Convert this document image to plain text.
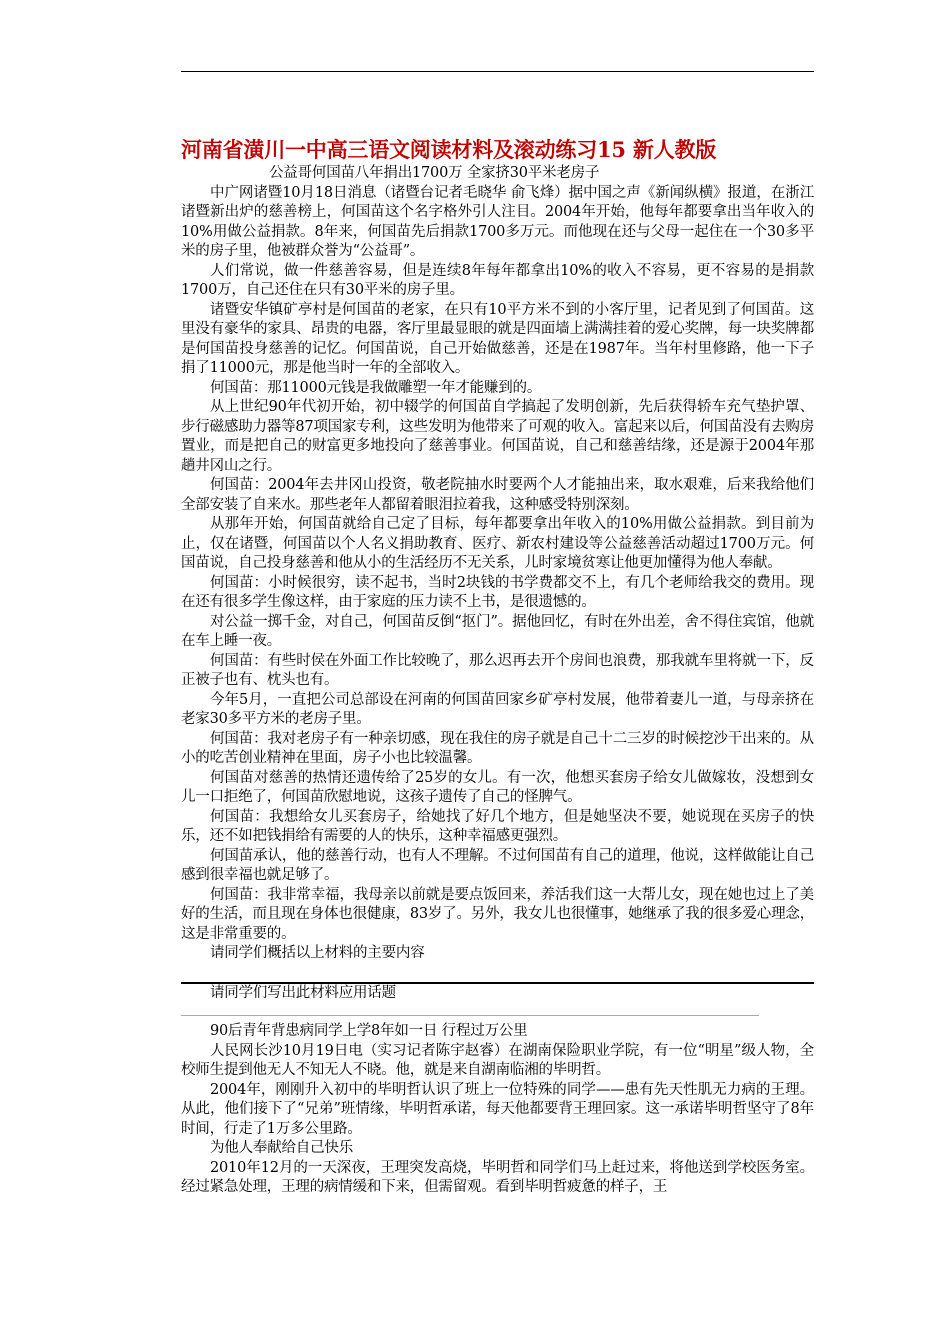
河南省潢川一中高三语文阅读材料及滚动练习15 新人教版

公益哥何国苗八年捐出1700万 全家挤30平米老房子

中广网诸暨10月18日消息（诸暨台记者毛晓华 俞飞烽）据中国之声《新闻纵横》报道，在浙江诸暨新出炉的慈善榜上，何国苗这个名字格外引人注目。2004年开始，他每年都要拿出当年收入的10%用做公益捐款。8年来，何国苗先后捐款1700多万元。而他现在还与父母一起住在一个30多平米的房子里，他被群众誉为“公益哥”。

人们常说，做一件慈善容易，但是连续8年每年都拿出10%的收入不容易，更不容易的是捐款1700万，自己还住在只有30平米的房子里。

诸暨安华镇矿亭村是何国苗的老家，在只有10平方米不到的小客厅里，记者见到了何国苗。这里没有豪华的家具、昂贵的电器，客厅里最显眼的就是四面墙上满满挂着的爱心奖牌，每一块奖牌都是何国苗投身慈善的记忆。何国苗说，自己开始做慈善，还是在1987年。当年村里修路，他一下子捐了11000元，那是他当时一年的全部收入。

何国苗：那11000元钱是我做雕塑一年才能赚到的。

从上世纪90年代初开始，初中辍学的何国苗自学搞起了发明创新，先后获得轿车充气垫护罩、步行磁感助力器等87项国家专利，这些发明为他带来了可观的收入。富起来以后，何国苗没有去购房置业，而是把自己的财富更多地投向了慈善事业。何国苗说，自己和慈善结缘，还是源于2004年那趟井冈山之行。

何国苗：2004年去井冈山投资，敬老院抽水时要两个人才能抽出来，取水艰难，后来我给他们全部安装了自来水。那些老年人都留着眼泪拉着我，这种感受特别深刻。

从那年开始，何国苗就给自己定了目标，每年都要拿出年收入的10%用做公益捐款。到目前为止，仅在诸暨，何国苗以个人名义捐助教育、医疗、新农村建设等公益慈善活动超过1700万元。何国苗说，自己投身慈善和他从小的生活经历不无关系，儿时家境贫寒让他更加懂得为他人奉献。

何国苗：小时候很穷，读不起书，当时2块钱的书学费都交不上，有几个老师给我交的费用。现在还有很多学生像这样，由于家庭的压力读不上书，是很遗憾的。

对公益一掷千金，对自己，何国苗反倒“抠门”。据他回忆，有时在外出差，舍不得住宾馆，他就在车上睡一夜。

何国苗：有些时侯在外面工作比较晚了，那么迟再去开个房间也浪费，那我就车里将就一下，反正被子也有、枕头也有。

今年5月，一直把公司总部设在河南的何国苗回家乡矿亭村发展，他带着妻儿一道，与母亲挤在老家30多平方米的老房子里。

何国苗：我对老房子有一种亲切感，现在我住的房子就是自己十二三岁的时候挖沙干出来的。从小的吃苦创业精神在里面，房子小也比较温馨。

何国苗对慈善的热情还遗传给了25岁的女儿。有一次，他想买套房子给女儿做嫁妆，没想到女儿一口拒绝了，何国苗欣慰地说，这孩子遗传了自己的怪脾气。

何国苗：我想给女儿买套房子，给她找了好几个地方，但是她坚决不要，她说现在买房子的快乐，还不如把钱捐给有需要的人的快乐，这种幸福感更强烈。

何国苗承认，他的慈善行动，也有人不理解。不过何国苗有自己的道理，他说，这样做能让自己感到很幸福也就足够了。

何国苗：我非常幸福，我母亲以前就是要点饭回来，养活我们这一大帮儿女，现在她也过上了美好的生活，而且现在身体也很健康，83岁了。另外，我女儿也很懂事，她继承了我的很多爱心理念，这是非常重要的。

请同学们概括以上材料的主要内容

请同学们写出此材料应用话题

90后青年背患病同学上学8年如一日 行程过万公里

人民网长沙10月19日电（实习记者陈宇赵睿）在湖南保险职业学院，有一位“明星”级人物，全校师生提到他无人不知无人不晓。他，就是来自湖南临湘的毕明哲。

2004年，刚刚升入初中的毕明哲认识了班上一位特殊的同学——患有先天性肌无力病的王理。从此，他们接下了“兄弟”班情缘，毕明哲承诺，每天他都要背王理回家。这一承诺毕明哲坚守了8年时间，行走了1万多公里路。

为他人奉献给自己快乐

2010年12月的一天深夜，王理突发高烧，毕明哲和同学们马上赶过来，将他送到学校医务室。经过紧急处理，王理的病情缓和下来，但需留观。看到毕明哲疲惫的样子，王
